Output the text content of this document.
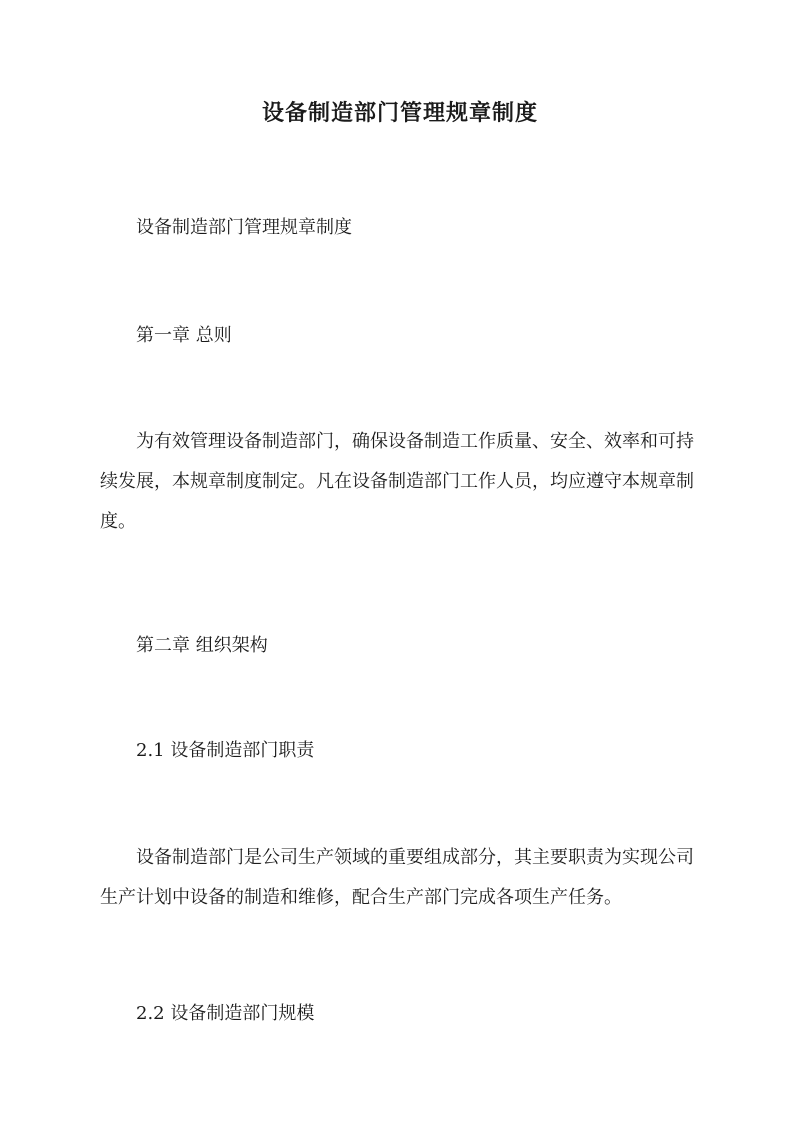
设备制造部门管理规章制度

设备制造部门管理规章制度

第一章 总则

为有效管理设备制造部门，确保设备制造工作质量、安全、效率和可持续发展，本规章制度制定。凡在设备制造部门工作人员，均应遵守本规章制度。

第二章 组织架构

2.1 设备制造部门职责

设备制造部门是公司生产领域的重要组成部分，其主要职责为实现公司生产计划中设备的制造和维修，配合生产部门完成各项生产任务。

2.2 设备制造部门规模
